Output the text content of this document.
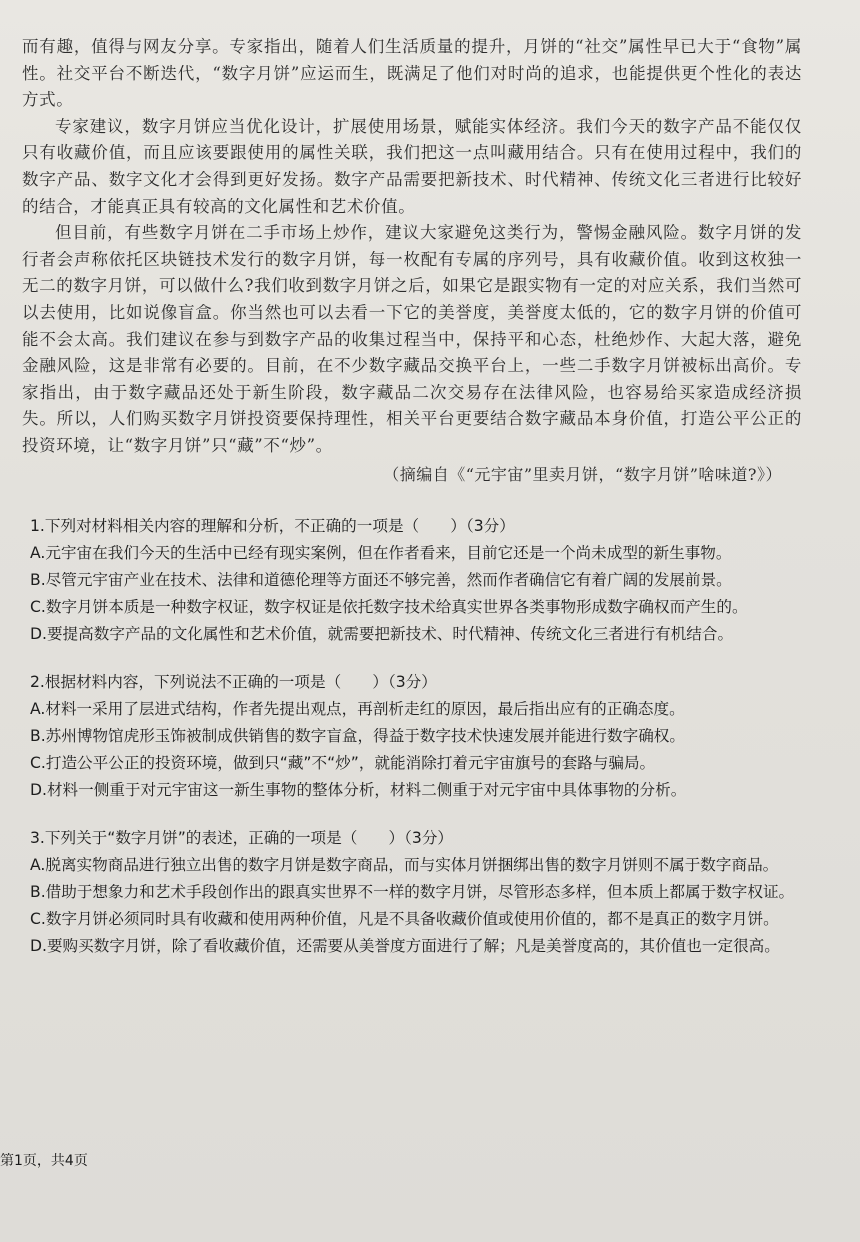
而有趣，值得与网友分享。专家指出，随着人们生活质量的提升，月饼的“社交”属性早已大于“食物”属性。社交平台不断迭代，“数字月饼”应运而生，既满足了他们对时尚的追求，也能提供更个性化的表达方式。

专家建议，数字月饼应当优化设计，扩展使用场景，赋能实体经济。我们今天的数字产品不能仅仅只有收藏价值，而且应该要跟使用的属性关联，我们把这一点叫藏用结合。只有在使用过程中，我们的数字产品、数字文化才会得到更好发扬。数字产品需要把新技术、时代精神、传统文化三者进行比较好的结合，才能真正具有较高的文化属性和艺术价值。

但目前，有些数字月饼在二手市场上炒作，建议大家避免这类行为，警惕金融风险。数字月饼的发行者会声称依托区块链技术发行的数字月饼，每一枚配有专属的序列号，具有收藏价值。收到这枚独一无二的数字月饼，可以做什么?我们收到数字月饼之后，如果它是跟实物有一定的对应关系，我们当然可以去使用，比如说像盲盒。你当然也可以去看一下它的美誉度，美誉度太低的，它的数字月饼的价值可能不会太高。我们建议在参与到数字产品的收集过程当中，保持平和心态，杜绝炒作、大起大落，避免金融风险，这是非常有必要的。目前，在不少数字藏品交换平台上，一些二手数字月饼被标出高价。专家指出，由于数字藏品还处于新生阶段，数字藏品二次交易存在法律风险，也容易给买家造成经济损失。所以，人们购买数字月饼投资要保持理性，相关平台更要结合数字藏品本身价值，打造公平公正的投资环境，让“数字月饼”只“藏”不“炒”。

（摘编自《“元宇宙”里卖月饼，“数字月饼”啥味道?》）

1.下列对材料相关内容的理解和分析，不正确的一项是（　　）（3分）

A.元宇宙在我们今天的生活中已经有现实案例，但在作者看来，目前它还是一个尚未成型的新生事物。

B.尽管元宇宙产业在技术、法律和道德伦理等方面还不够完善，然而作者确信它有着广阔的发展前景。

C.数字月饼本质是一种数字权证，数字权证是依托数字技术给真实世界各类事物形成数字确权而产生的。

D.要提高数字产品的文化属性和艺术价值，就需要把新技术、时代精神、传统文化三者进行有机结合。

2.根据材料内容，下列说法不正确的一项是（　　）（3分）

A.材料一采用了层进式结构，作者先提出观点，再剖析走红的原因，最后指出应有的正确态度。

B.苏州博物馆虎形玉饰被制成供销售的数字盲盒，得益于数字技术快速发展并能进行数字确权。

C.打造公平公正的投资环境，做到只“藏”不“炒”，就能消除打着元宇宙旗号的套路与骗局。

D.材料一侧重于对元宇宙这一新生事物的整体分析，材料二侧重于对元宇宙中具体事物的分析。

3.下列关于“数字月饼”的表述，正确的一项是（　　）（3分）

A.脱离实物商品进行独立出售的数字月饼是数字商品，而与实体月饼捆绑出售的数字月饼则不属于数字商品。

B.借助于想象力和艺术手段创作出的跟真实世界不一样的数字月饼，尽管形态多样，但本质上都属于数字权证。

C.数字月饼必须同时具有收藏和使用两种价值，凡是不具备收藏价值或使用价值的，都不是真正的数字月饼。

D.要购买数字月饼，除了看收藏价值，还需要从美誉度方面进行了解；凡是美誉度高的，其价值也一定很高。

第1页，共4页
